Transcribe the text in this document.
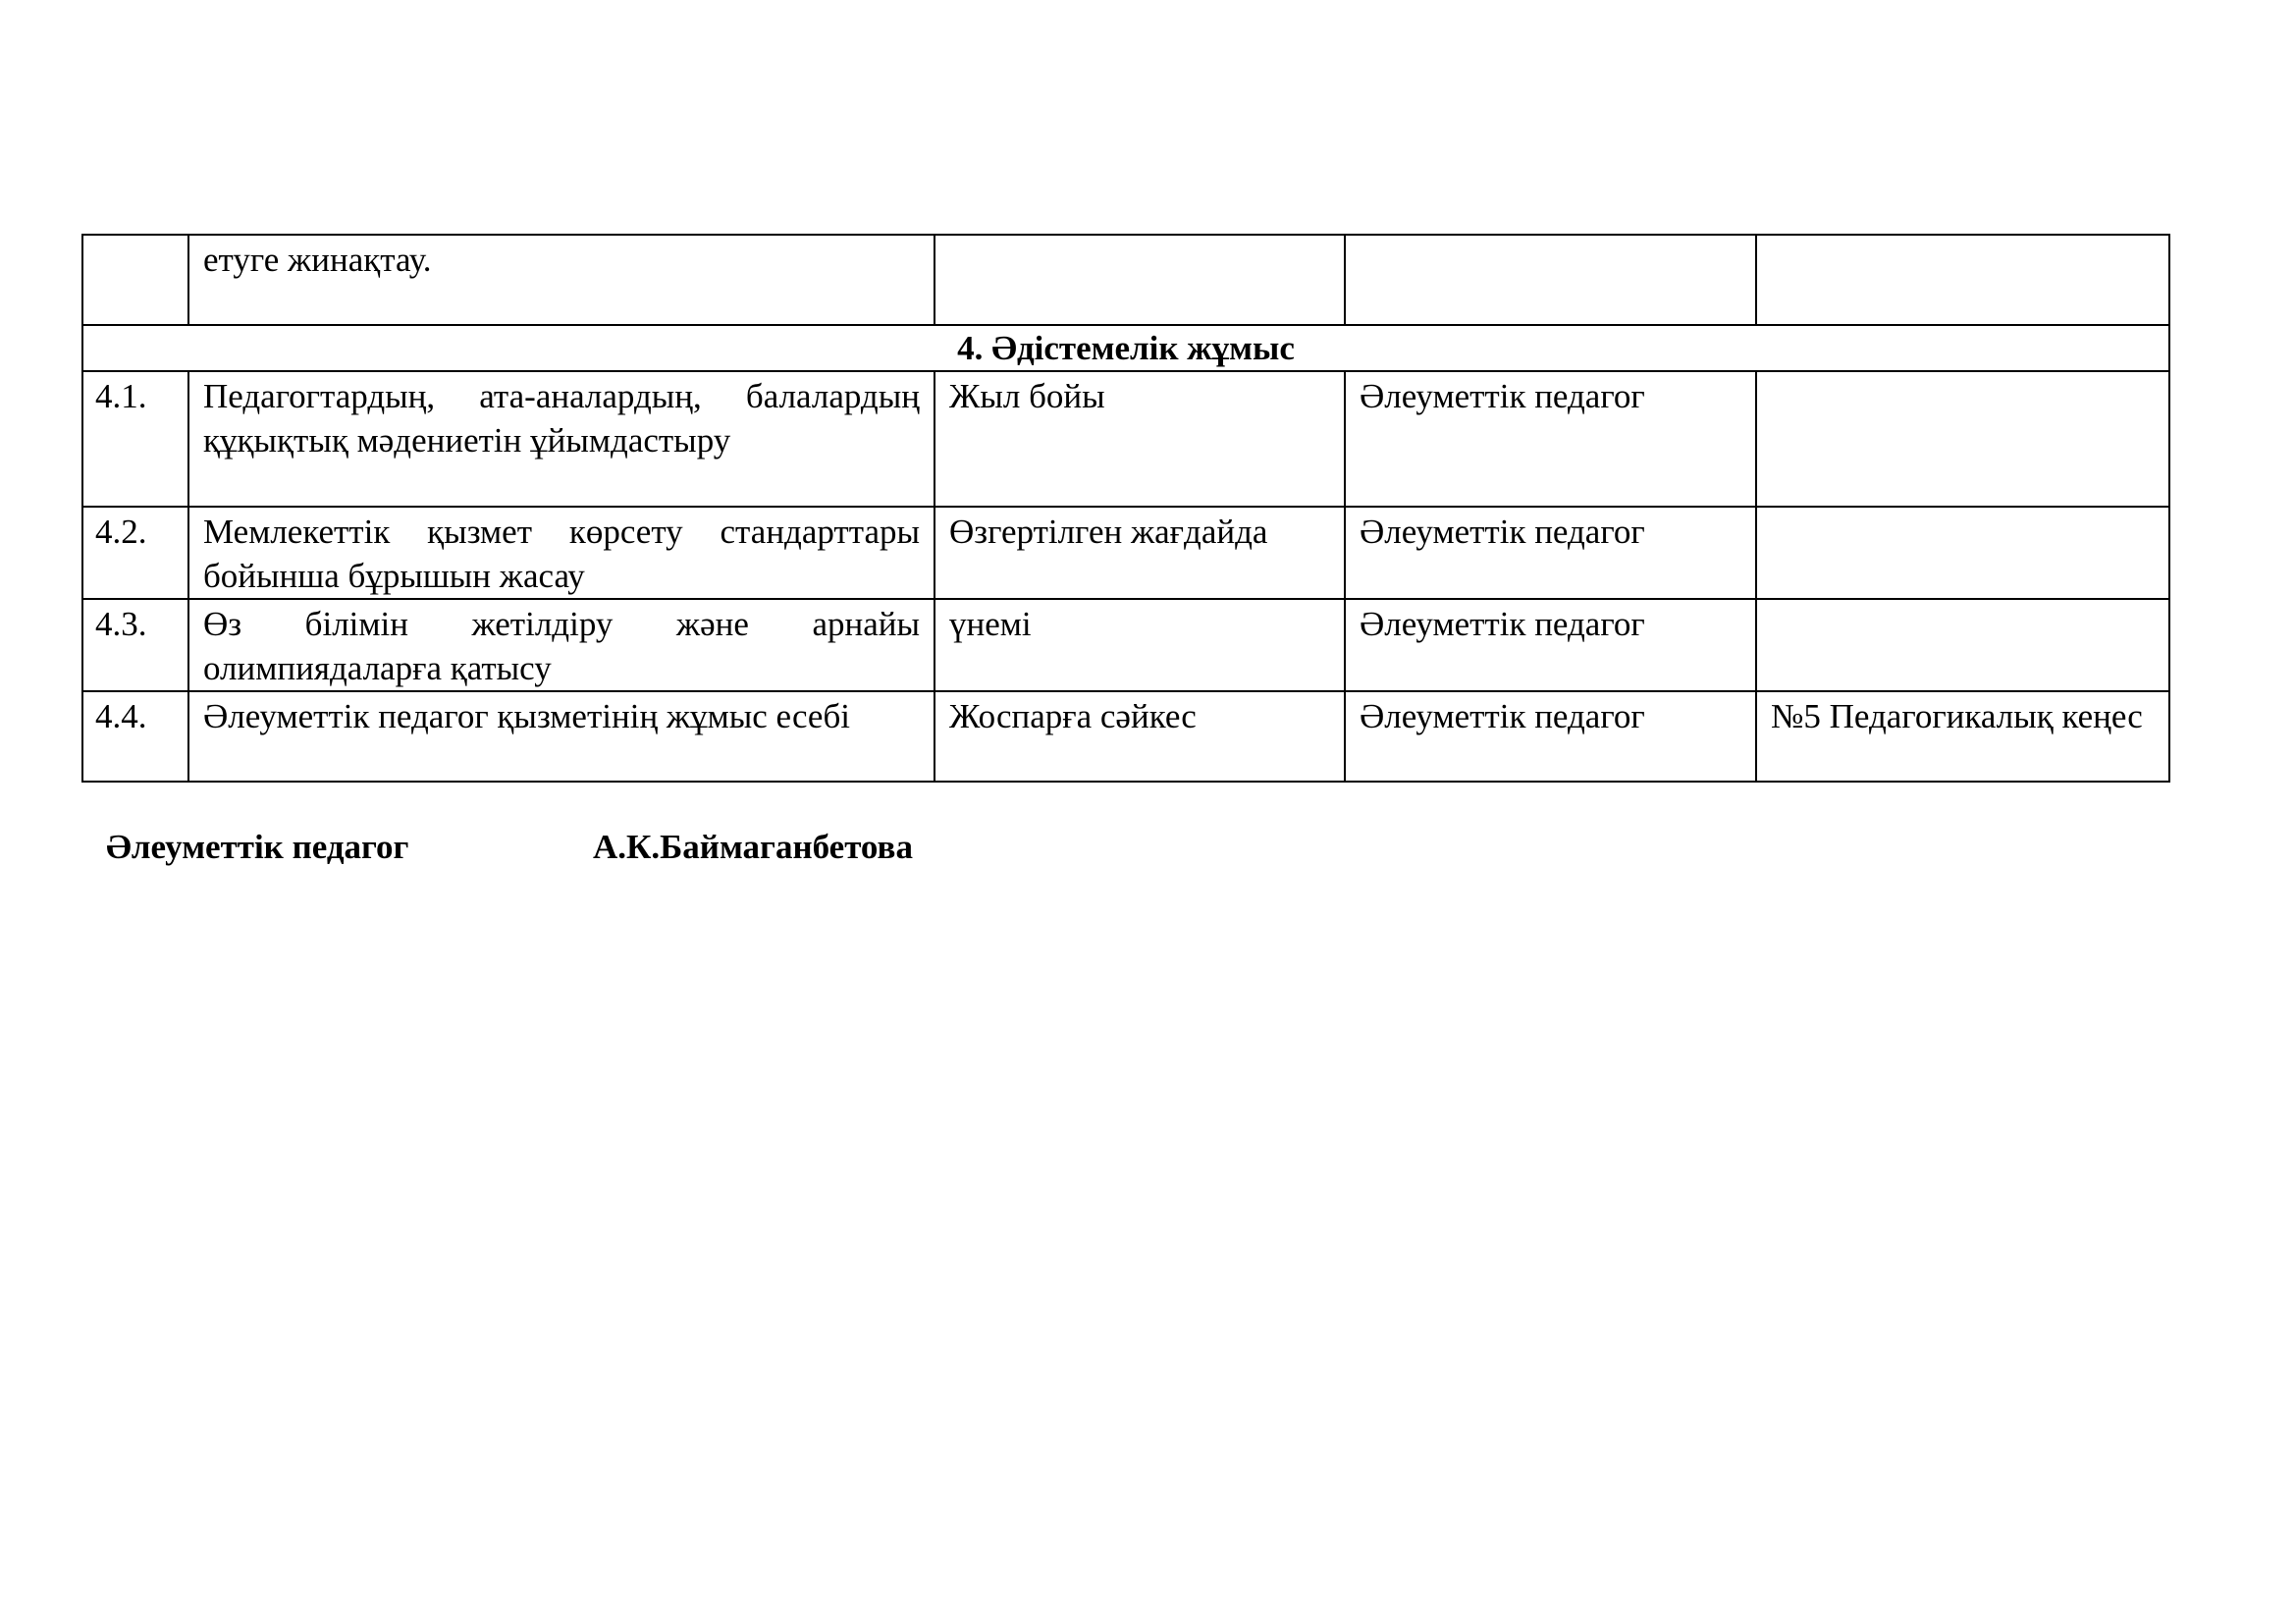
	етуге жинақтау.			
4. Әдістемелік жұмыс				
4.1.	Педагогтардың, ата-аналардың, балалардың құқықтық мәдениетін ұйымдастыру	Жыл бойы	Әлеуметтік педагог	
4.2.	Мемлекеттік қызмет көрсету стандарттары бойынша бұрышын жасау	Өзгертілген жағдайда	Әлеуметтік педагог	
4.3.	Өз білімін жетілдіру және арнайы олимпиядаларға қатысу	үнемі	Әлеуметтік педагог	
4.4.	Әлеуметтік педагог қызметінің жұмыс есебі	Жоспарға сәйкес	Әлеуметтік педагог	№5 Педагогикалық кеңес
Әлеуметтік педагог	А.К.Баймаганбетова
